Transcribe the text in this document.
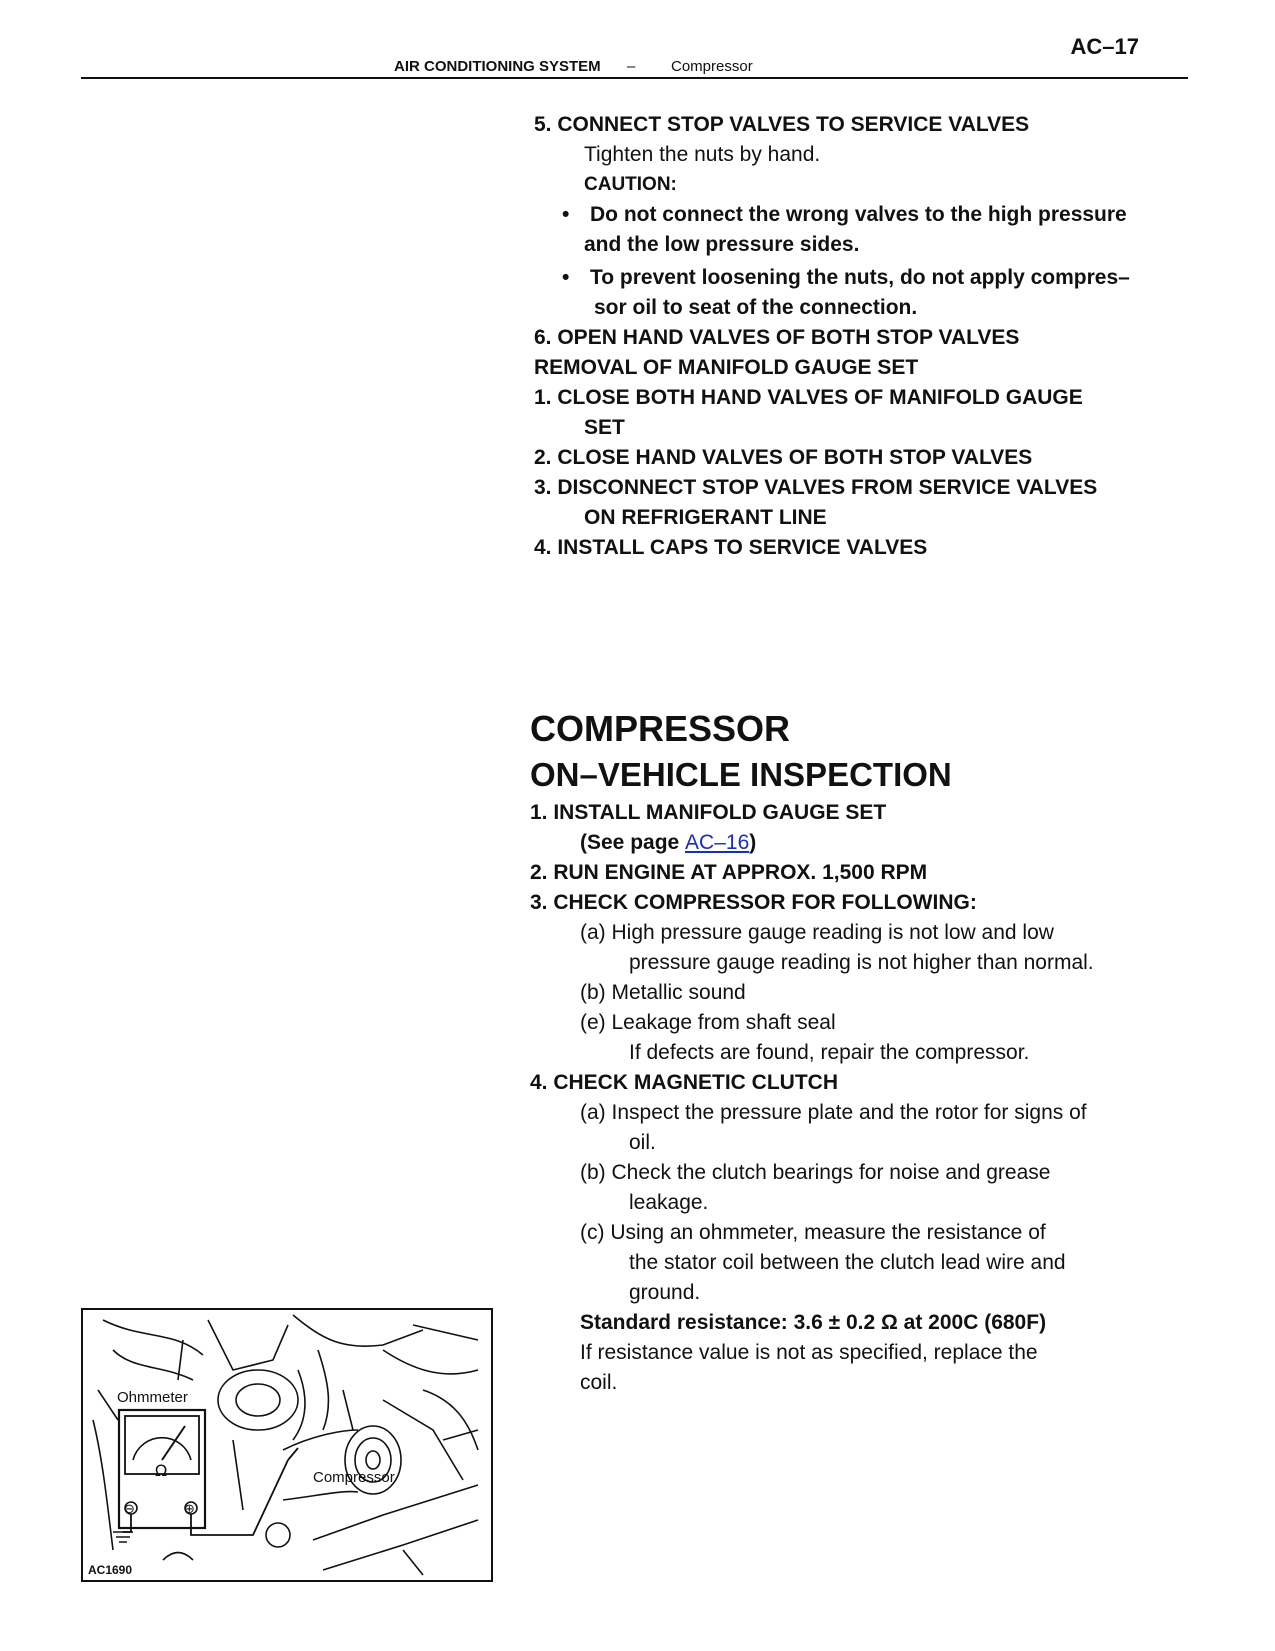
AC–17
AIR CONDITIONING SYSTEM – Compressor
5. CONNECT STOP VALVES TO SERVICE VALVES
Tighten the nuts by hand.
CAUTION:
• Do not connect the wrong valves to the high pressure
and the low pressure sides.
• To prevent loosening the nuts, do not apply compres–
sor oil to seat of the connection.
6. OPEN HAND VALVES OF BOTH STOP VALVES
REMOVAL OF MANIFOLD GAUGE SET
1. CLOSE BOTH HAND VALVES OF MANIFOLD GAUGE
SET
2. CLOSE HAND VALVES OF BOTH STOP VALVES
3. DISCONNECT STOP VALVES FROM SERVICE VALVES
ON REFRIGERANT LINE
4. INSTALL CAPS TO SERVICE VALVES
COMPRESSOR
ON–VEHICLE INSPECTION
1. INSTALL MANIFOLD GAUGE SET
(See page AC–16)
2. RUN ENGINE AT APPROX. 1,500 RPM
3. CHECK COMPRESSOR FOR FOLLOWING:
(a) High pressure gauge reading is not low and low
pressure gauge reading is not higher than normal.
(b) Metallic sound
(e) Leakage from shaft seal
If defects are found, repair the compressor.
4. CHECK MAGNETIC CLUTCH
(a) Inspect the pressure plate and the rotor for signs of
oil.
(b) Check the clutch bearings for noise and grease
leakage.
(c) Using an ohmmeter, measure the resistance of
the stator coil between the clutch lead wire and
ground.
Standard resistance: 3.6 ± 0.2 Ω at 200C (680F)
If resistance value is not as specified, replace the
coil.
Ohmmeter
Compressor
Ω
⊖	⊕
AC1690
